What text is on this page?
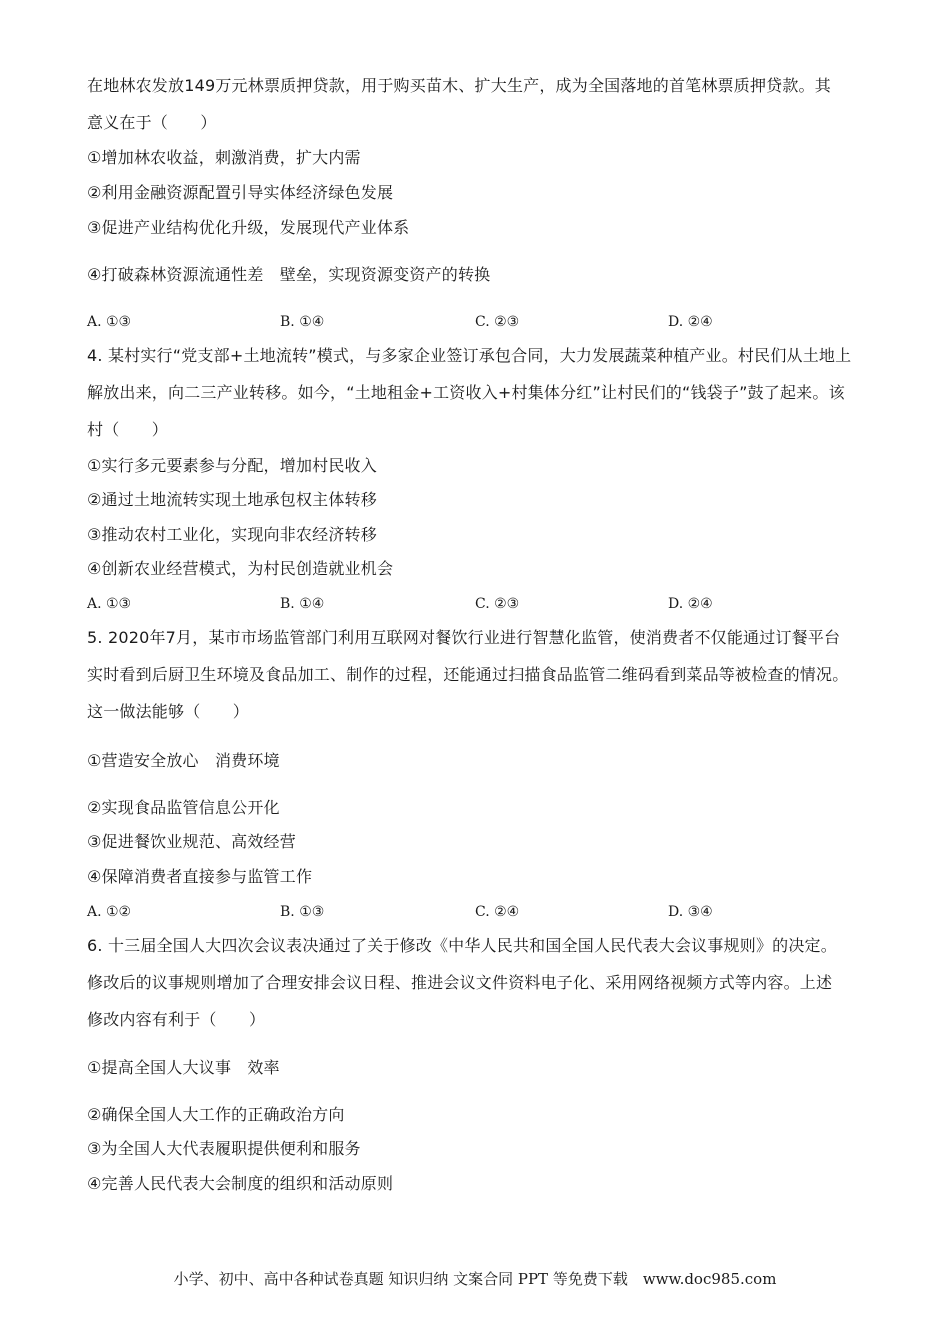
在地林农发放149万元林票质押贷款，用于购买苗木、扩大生产，成为全国落地的首笔林票质押贷款。其
意义在于（　　）
①增加林农收益，刺激消费，扩大内需
②利用金融资源配置引导实体经济绿色发展
③促进产业结构优化升级，发展现代产业体系
④打破森林资源流通性差　壁垒，实现资源变资产的转换
A. ①③	B. ①④	C. ②③	D. ②④
4. 某村实行“党支部+土地流转”模式，与多家企业签订承包合同，大力发展蔬菜种植产业。村民们从土地上
解放出来，向二三产业转移。如今，“土地租金+工资收入+村集体分红”让村民们的“钱袋子”鼓了起来。该
村（　　）
①实行多元要素参与分配，增加村民收入
②通过土地流转实现土地承包权主体转移
③推动农村工业化，实现向非农经济转移
④创新农业经营模式，为村民创造就业机会
A. ①③	B. ①④	C. ②③	D. ②④
5. 2020年7月，某市市场监管部门利用互联网对餐饮行业进行智慧化监管，使消费者不仅能通过订餐平台
实时看到后厨卫生环境及食品加工、制作的过程，还能通过扫描食品监管二维码看到菜品等被检查的情况。
这一做法能够（　　）
①营造安全放心　消费环境
②实现食品监管信息公开化
③促进餐饮业规范、高效经营
④保障消费者直接参与监管工作
A. ①②	B. ①③	C. ②④	D. ③④
6. 十三届全国人大四次会议表决通过了关于修改《中华人民共和国全国人民代表大会议事规则》的决定。
修改后的议事规则增加了合理安排会议日程、推进会议文件资料电子化、采用网络视频方式等内容。上述
修改内容有利于（　　）
①提高全国人大议事　效率
②确保全国人大工作的正确政治方向
③为全国人大代表履职提供便利和服务
④完善人民代表大会制度的组织和活动原则
小学、初中、高中各种试卷真题 知识归纳 文案合同 PPT 等免费下载　www.doc985.com
